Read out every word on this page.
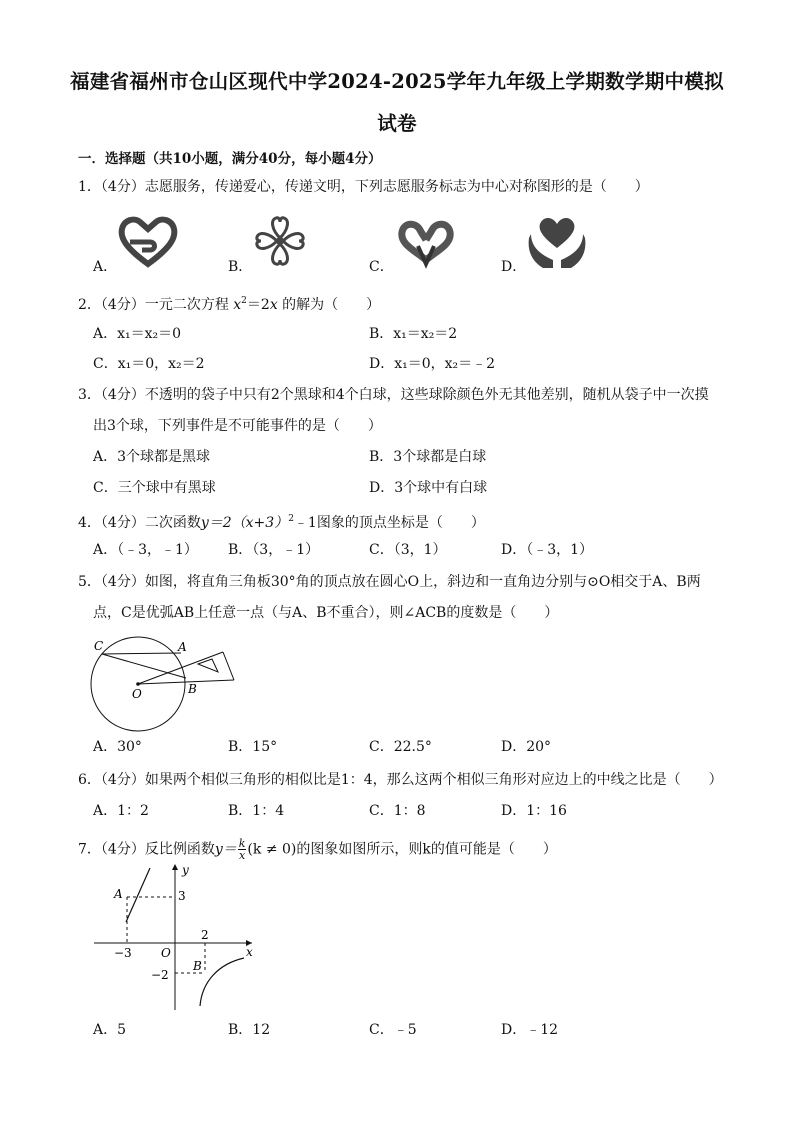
福建省福州市仓山区现代中学2024-2025学年九年级上学期数学期中模拟
试卷
一．选择题（共10小题，满分40分，每小题4分）
1．（4分）志愿服务，传递爱心，传递文明，下列志愿服务标志为中心对称图形的是（　　）
A．	B．	C．	D．
2．（4分）一元二次方程 $x^2=2x$ 的解为（　　）
A．x₁＝x₂＝0	B．x₁＝x₂＝2
C．x₁＝0，x₂＝2	D．x₁＝0，x₂＝﹣2
3．（4分）不透明的袋子中只有2个黑球和4个白球，这些球除颜色外无其他差别，随机从袋子中一次摸
出3个球，下列事件是不可能事件的是（　　）
A．3个球都是黑球	B．3个球都是白球
C．三个球中有黑球	D．3个球中有白球
4．（4分）二次函数$y=2(x+3)^2﹣1$图象的顶点坐标是（　　）
A．（﹣3，﹣1） B．（3，﹣1）	C．（3，1）	D．（﹣3，1）
5．（4分）如图，将直角三角板30°角的顶点放在圆心O上，斜边和一直角边分别与⊙O相交于A、B两
点，C是优弧AB上任意一点（与A、B不重合），则∠ACB的度数是（　　）
C	A
O	B
A．30°	B．15°	C．22.5°	D．20°
6．（4分）如果两个相似三角形的相似比是1：4，那么这两个相似三角形对应边上的中线之比是（　　）
A．1：2	B．1：4	C．1：8	D．1：16
7．（4分）反比例函数$y= \frac{k}{x} (k \ne 0)$的图象如图所示，则k的值可能是（　　）
y
x
O
A
B
3
2
−3
−2
A．5	B．12	C．﹣5	D．﹣12
